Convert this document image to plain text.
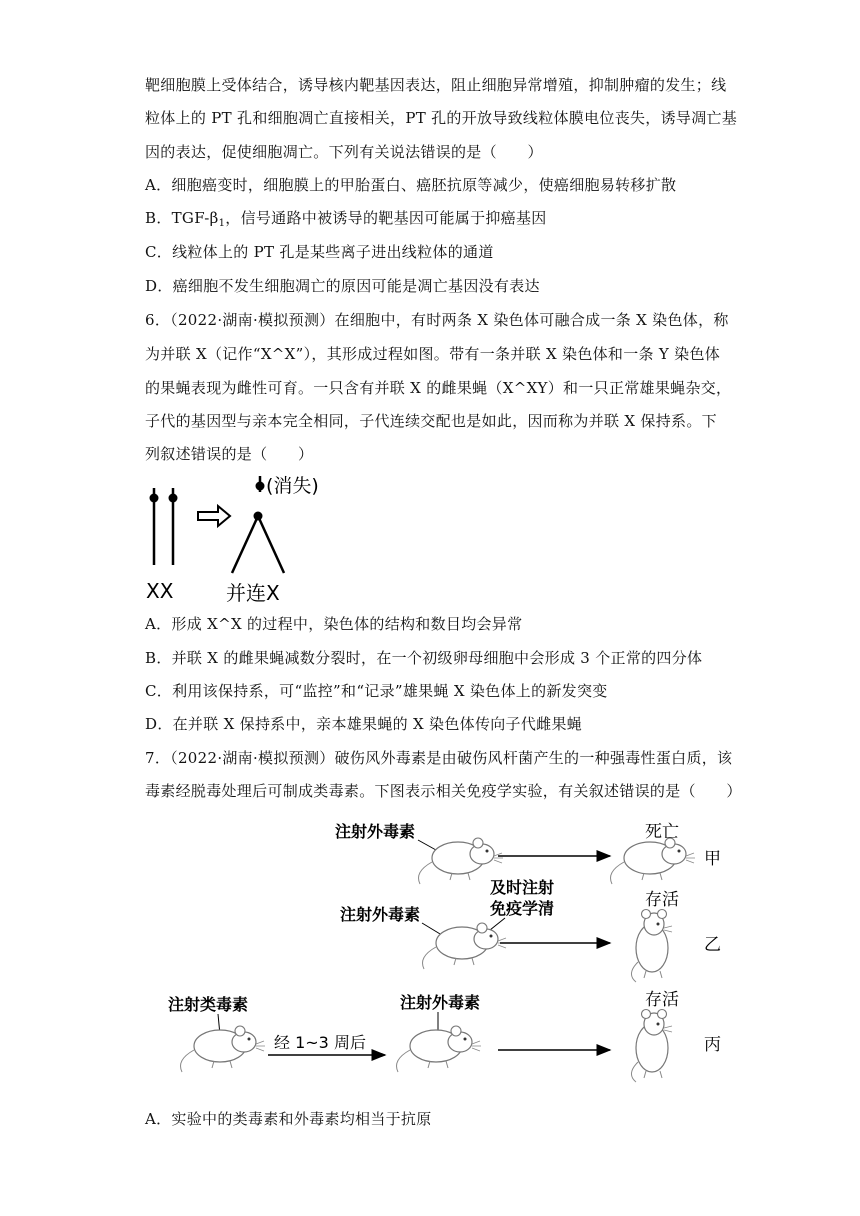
靶细胞膜上受体结合，诱导核内靶基因表达，阻止细胞异常增殖，抑制肿瘤的发生；线
粒体上的 PT 孔和细胞凋亡直接相关，PT 孔的开放导致线粒体膜电位丧失，诱导凋亡基
因的表达，促使细胞凋亡。下列有关说法错误的是（　　）
A．细胞癌变时，细胞膜上的甲胎蛋白、癌胚抗原等减少，使癌细胞易转移扩散
B．TGF-$\beta_1$，信号通路中被诱导的靶基因可能属于抑癌基因
C．线粒体上的 PT 孔是某些离子进出线粒体的通道
D．癌细胞不发生细胞凋亡的原因可能是凋亡基因没有表达
6．（2022·湖南·模拟预测）在细胞中，有时两条 X 染色体可融合成一条 X 染色体，称
为并联 X（记作“X^X”），其形成过程如图。带有一条并联 X 染色体和一条 Y 染色体
的果蝇表现为雌性可育。一只含有并联 X 的雌果蝇（X^XY）和一只正常雄果蝇杂交，
子代的基因型与亲本完全相同，子代连续交配也是如此，因而称为并联 X 保持系。下
列叙述错误的是（　　）
XX
(消失)
并连X
A．形成 X^X 的过程中，染色体的结构和数目均会异常
B．并联 X 的雌果蝇减数分裂时，在一个初级卵母细胞中会形成 3 个正常的四分体
C．利用该保持系，可“监控”和“记录”雄果蝇 X 染色体上的新发突变
D．在并联 X 保持系中，亲本雄果蝇的 X 染色体传向子代雌果蝇
7．（2022·湖南·模拟预测）破伤风外毒素是由破伤风杆菌产生的一种强毒性蛋白质，该
毒素经脱毒处理后可制成类毒素。下图表示相关免疫学实验，有关叙述错误的是（　　）
注射外毒素	死亡
甲
及时注射
免疫学清
注射外毒素
存活
乙
注射类毒素
经 1~3 周后
注射外毒素	存活
丙
A．实验中的类毒素和外毒素均相当于抗原
